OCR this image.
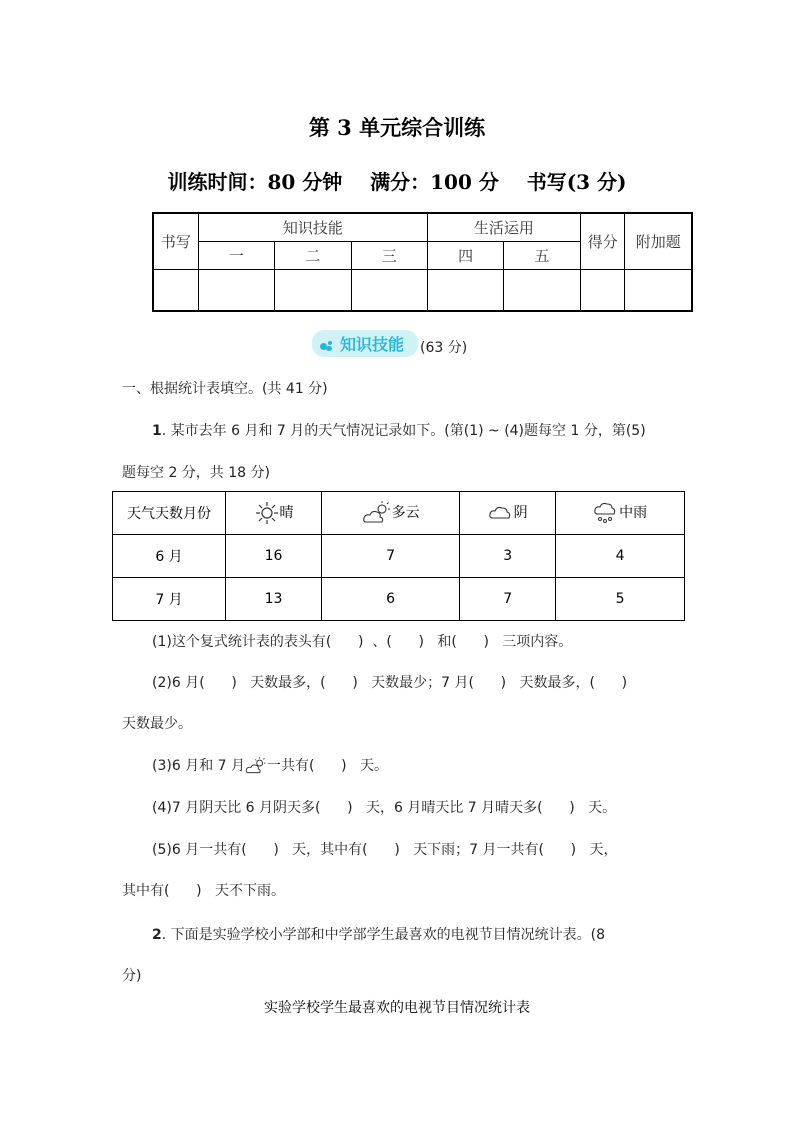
第 3 单元综合训练
训练时间：80 分钟    满分：100 分    书写(3 分)
书写	知识技能			生活运用		得分	附加题
	一	二	三	四	五		

知识技能 (63 分)
一、根据统计表填空。(共 41 分)
1. 某市去年 6 月和 7 月的天气情况记录如下。(第(1) ~ (4)题每空 1 分，第(5)
题每空 2 分，共 18 分)
天气天数月份	晴	多云	阴	中雨
6 月	16	7	3	4
7 月	13	6	7	5
(1)这个复式统计表的表头有(      )  、(      )   和(      )   三项内容。
(2)6 月(      )   天数最多，(      )   天数最少；7 月(      )   天数最多，(      )
天数最少。
(3)6 月和 7 月 一共有(      )   天。
(4)7 月阴天比 6 月阴天多(      )   天，6 月晴天比 7 月晴天多(      )   天。
(5)6 月一共有(      )   天，其中有(      )   天下雨；7 月一共有(      )   天，
其中有(      )   天不下雨。
2. 下面是实验学校小学部和中学部学生最喜欢的电视节目情况统计表。(8
分)
实验学校学生最喜欢的电视节目情况统计表
